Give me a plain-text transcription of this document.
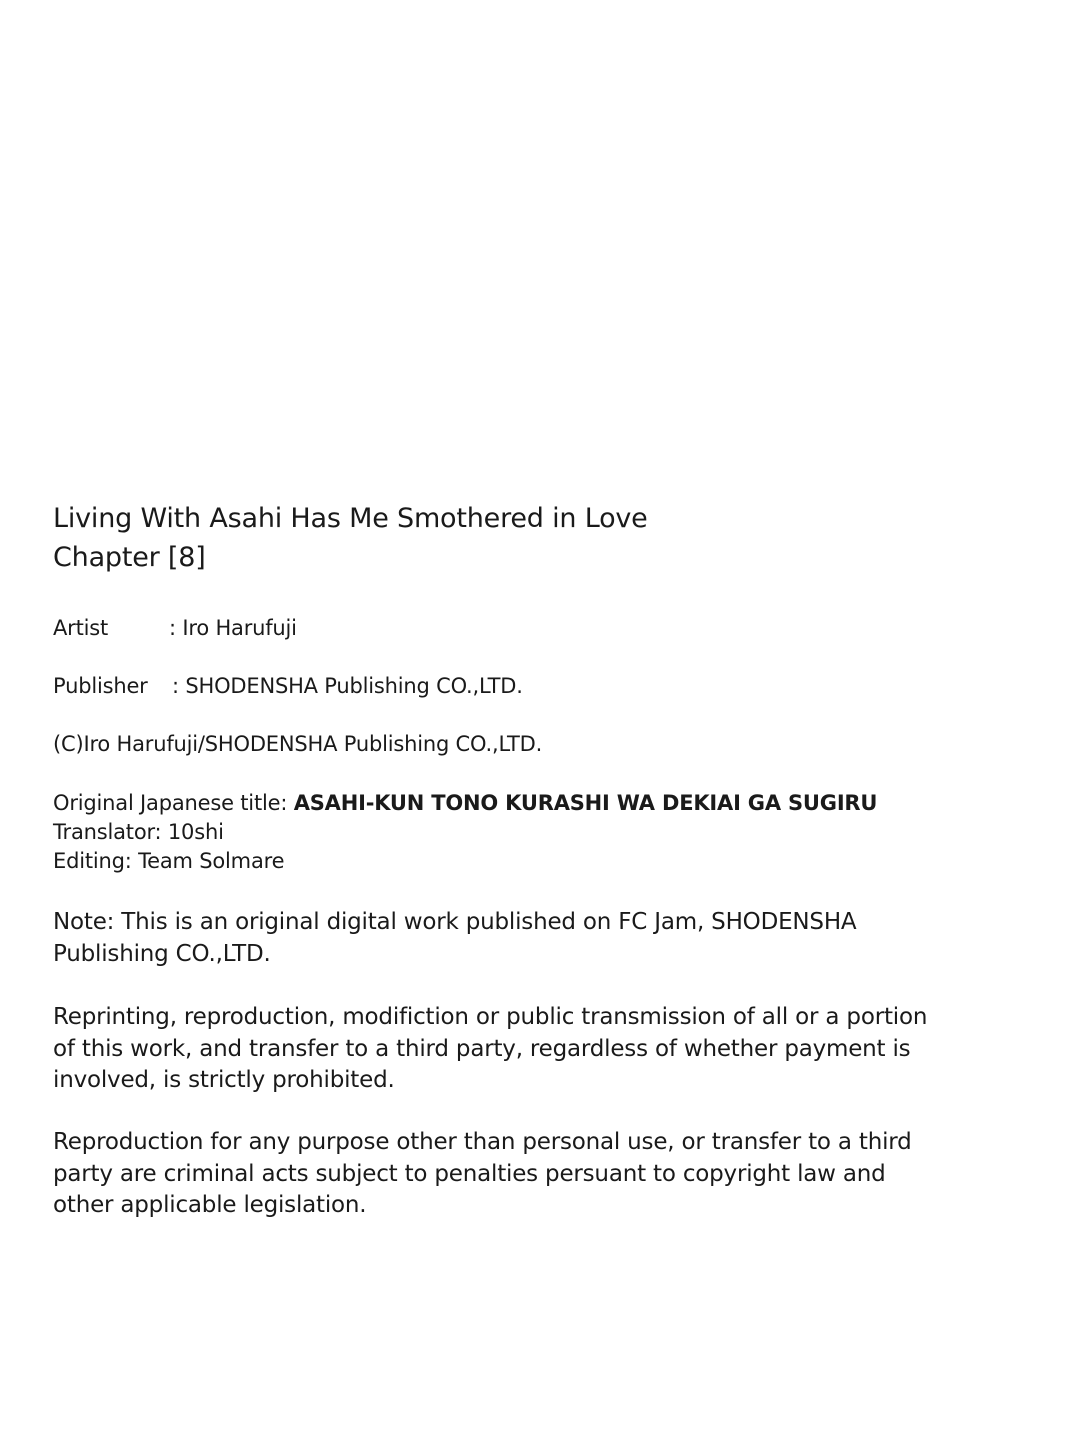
Living With Asahi Has Me Smothered in Love
Chapter [8]
Artist	: Iro Harufuji
Publisher : SHODENSHA Publishing CO.,LTD.
(C)Iro Harufuji/SHODENSHA Publishing CO.,LTD.
Original Japanese title: ASAHI-KUN TONO KURASHI WA DEKIAI GA SUGIRU
Translator: 10shi
Editing: Team Solmare
Note: This is an original digital work published on FC Jam, SHODENSHA
Publishing CO.,LTD.
Reprinting, reproduction, modifiction or public transmission of all or a portion
of this work, and transfer to a third party, regardless of whether payment is
involved, is strictly prohibited.
Reproduction for any purpose other than personal use, or transfer to a third
party are criminal acts subject to penalties persuant to copyright law and
other applicable legislation.
